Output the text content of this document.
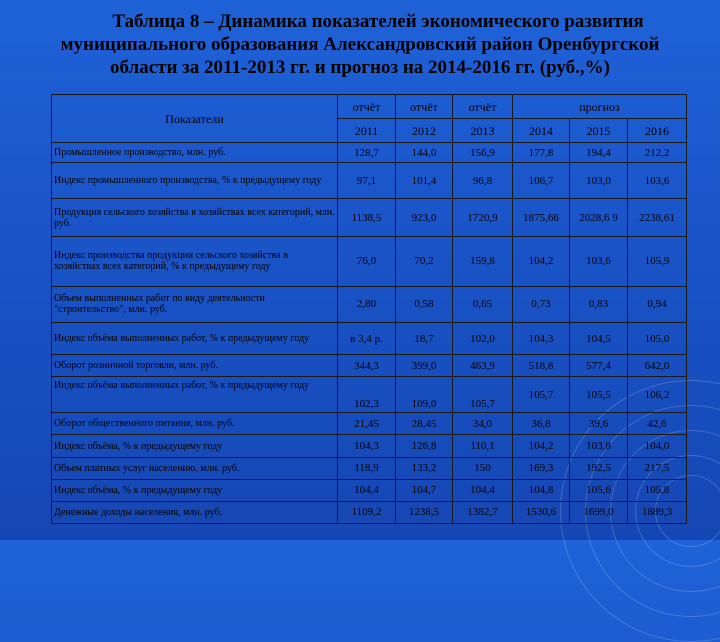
Таблица 8 – Динамика показателей экономического развития
муниципального образования Александровский район Оренбургской
области за 2011-2013 гг. и прогноз на 2014-2016 гг. (руб.,%)
Показатели	отчёт	отчёт	отчёт	прогноз		
	2011	2012	2013	2014	2015	2016
Промышленное производство, млн. руб.	128,7	144,0	156,9	177,8	194,4	212,2
Индекс промышленного производства, % к предыдущему году	97,1	101,4	96,8	106,7	103,0	103,6
Продукция сельского хозяйства в хозяйствах всех категорий, млн. руб.	1138,5	923,0	1720,9	1875,66	2028,6 9	2238,61
Индекс производства продукции сельского хозяйства в хозяйствах всех категорий, % к предыдущему году	76,0	70,2	159,8	104,2	103,6	105,9
Объем выполненных работ по виду деятельности "строительство", млн. руб.	2,80	0,58	0,65	0,73	0,83	0,94
Индекс объёма выполненных работ, % к предыдущему году	в 3,4 р.	18,7	102,0	104,3	104,5	105,0
Оборот розничной торговли, млн. руб.	344,3	399,0	463,9	518,8	577,4	642,0
Индекс объёма выполненных работ, % к предыдущему году	102,3	109,0	105,7	105,7	105,5	106,2
Оборот общественного питания, млн. руб.	21,45	28,45	34,0	36,8	39,6	42,6
Индекс объёма, % к предыдущему году	104,3	126,8	110,1	104,2	103,8	104,0
Объем платных услуг населению, млн. руб.	118,9	133,2	150	169,3	192,5	217,5
Индекс объёма, % к предыдущему году	104,4	104,7	104,4	104,8	105,6	105,8
Денежные доходы населения, млн. руб.	1109,2	1238,5	1382,7	1530,6	1699,0	1889,3
